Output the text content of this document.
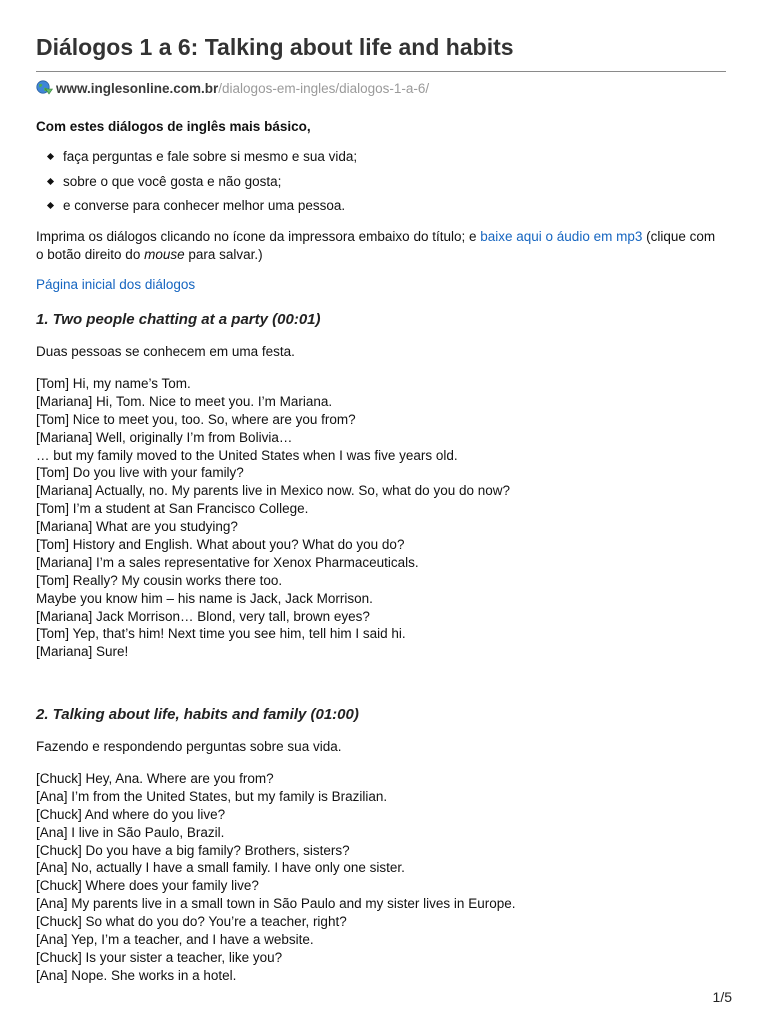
Diálogos 1 a 6: Talking about life and habits
www.inglesonline.com.br/dialogos-em-ingles/dialogos-1-a-6/
Com estes diálogos de inglês mais básico,
faça perguntas e fale sobre si mesmo e sua vida;
sobre o que você gosta e não gosta;
e converse para conhecer melhor uma pessoa.
Imprima os diálogos clicando no ícone da impressora embaixo do título; e baixe aqui o áudio em mp3 (clique com o botão direito do mouse para salvar.)
Página inicial dos diálogos
1. Two people chatting at a party (00:01)
Duas pessoas se conhecem em uma festa.
[Tom] Hi, my name’s Tom.
[Mariana] Hi, Tom. Nice to meet you. I’m Mariana.
[Tom] Nice to meet you, too. So, where are you from?
[Mariana] Well, originally I’m from Bolivia…
… but my family moved to the United States when I was five years old.
[Tom] Do you live with your family?
[Mariana] Actually, no. My parents live in Mexico now. So, what do you do now?
[Tom] I’m a student at San Francisco College.
[Mariana] What are you studying?
[Tom] History and English. What about you? What do you do?
[Mariana] I’m a sales representative for Xenox Pharmaceuticals.
[Tom] Really? My cousin works there too.
Maybe you know him – his name is Jack, Jack Morrison.
[Mariana] Jack Morrison… Blond, very tall, brown eyes?
[Tom] Yep, that’s him! Next time you see him, tell him I said hi.
[Mariana] Sure!
2. Talking about life, habits and family (01:00)
Fazendo e respondendo perguntas sobre sua vida.
[Chuck] Hey, Ana. Where are you from?
[Ana] I’m from the United States, but my family is Brazilian.
[Chuck] And where do you live?
[Ana] I live in São Paulo, Brazil.
[Chuck] Do you have a big family? Brothers, sisters?
[Ana] No, actually I have a small family. I have only one sister.
[Chuck] Where does your family live?
[Ana] My parents live in a small town in São Paulo and my sister lives in Europe.
[Chuck] So what do you do? You’re a teacher, right?
[Ana] Yep, I’m a teacher, and I have a website.
[Chuck] Is your sister a teacher, like you?
[Ana] Nope. She works in a hotel.
1/5
